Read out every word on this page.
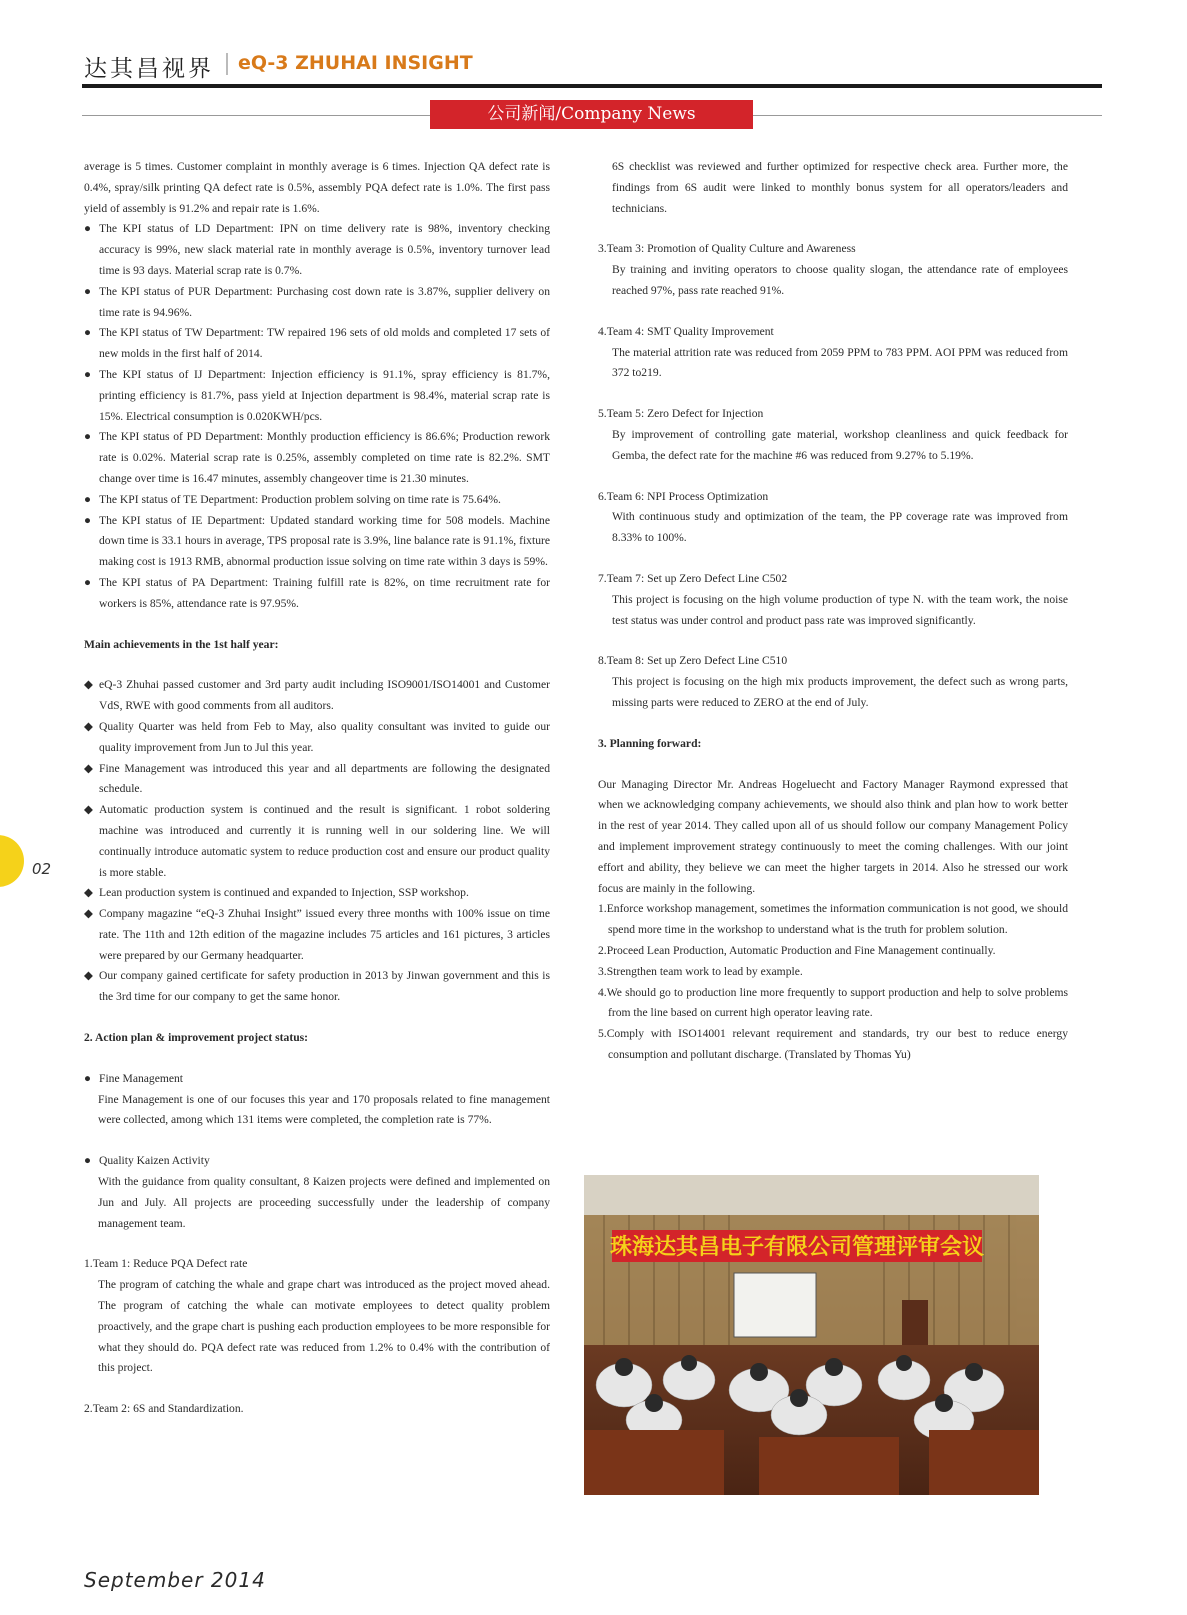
达其昌视界 eQ-3 ZHUHAI INSIGHT
公司新闻/Company News

average is 5 times. Customer complaint in monthly average is 6 times. Injection QA defect rate is 0.4%, spray/silk printing QA defect rate is 0.5%, assembly PQA defect rate is 1.0%. The first pass yield of assembly is 91.2% and repair rate is 1.6%.

● The KPI status of LD Department: IPN on time delivery rate is 98%, inventory checking accuracy is 99%, new slack material rate in monthly average is 0.5%, inventory turnover lead time is 93 days. Material scrap rate is 0.7%.

● The KPI status of PUR Department: Purchasing cost down rate is 3.87%, supplier delivery on time rate is 94.96%.

● The KPI status of TW Department: TW repaired 196 sets of old molds and completed 17 sets of new molds in the first half of 2014.

● The KPI status of IJ Department: Injection efficiency is 91.1%, spray efficiency is 81.7%, printing efficiency is 81.7%, pass yield at Injection department is 98.4%, material scrap rate is 15%. Electrical consumption is 0.020KWH/pcs.

● The KPI status of PD Department: Monthly production efficiency is 86.6%; Production rework rate is 0.02%. Material scrap rate is 0.25%, assembly completed on time rate is 82.2%. SMT change over time is 16.47 minutes, assembly changeover time is 21.30 minutes.

● The KPI status of TE Department: Production problem solving on time rate is 75.64%.

● The KPI status of IE Department: Updated standard working time for 508 models. Machine down time is 33.1 hours in average, TPS proposal rate is 3.9%, line balance rate is 91.1%, fixture making cost is 1913 RMB, abnormal production issue solving on time rate within 3 days is 59%.

● The KPI status of PA Department: Training fulfill rate is 82%, on time recruitment rate for workers is 85%, attendance rate is 97.95%.

Main achievements in the 1st half year:

◆ eQ-3 Zhuhai passed customer and 3rd party audit including ISO9001/ISO14001 and Customer VdS, RWE with good comments from all auditors.

◆ Quality Quarter was held from Feb to May, also quality consultant was invited to guide our quality improvement from Jun to Jul this year.

◆ Fine Management was introduced this year and all departments are following the designated schedule.

◆ Automatic production system is continued and the result is significant. 1 robot soldering machine was introduced and currently it is running well in our soldering line. We will continually introduce automatic system to reduce production cost and ensure our product quality is more stable.

◆ Lean production system is continued and expanded to Injection, SSP workshop.

◆ Company magazine “eQ-3 Zhuhai Insight” issued every three months with 100% issue on time rate. The 11th and 12th edition of the magazine includes 75 articles and 161 pictures, 3 articles were prepared by our Germany headquarter.

◆ Our company gained certificate for safety production in 2013 by Jinwan government and this is the 3rd time for our company to get the same honor.

2. Action plan & improvement project status:

● Fine Management

Fine Management is one of our focuses this year and 170 proposals related to fine management were collected, among which 131 items were completed, the completion rate is 77%.

● Quality Kaizen Activity

With the guidance from quality consultant, 8 Kaizen projects were defined and implemented on Jun and July. All projects are proceeding successfully under the leadership of company management team.

1.Team 1: Reduce PQA Defect rate

The program of catching the whale and grape chart was introduced as the project moved ahead. The program of catching the whale can motivate employees to detect quality problem proactively, and the grape chart is pushing each production employees to be more responsible for what they should do. PQA defect rate was reduced from 1.2% to 0.4% with the contribution of this project.

2.Team 2: 6S and Standardization.

6S checklist was reviewed and further optimized for respective check area. Further more, the findings from 6S audit were linked to monthly bonus system for all operators/leaders and technicians.

3.Team 3: Promotion of Quality Culture and Awareness

By training and inviting operators to choose quality slogan, the attendance rate of employees reached 97%, pass rate reached 91%.

4.Team 4: SMT Quality Improvement

The material attrition rate was reduced from 2059 PPM to 783 PPM. AOI PPM was reduced from 372 to219.

5.Team 5: Zero Defect for Injection

By improvement of controlling gate material, workshop cleanliness and quick feedback for Gemba, the defect rate for the machine #6 was reduced from 9.27% to 5.19%.

6.Team 6: NPI Process Optimization

With continuous study and optimization of the team, the PP coverage rate was improved from 8.33% to 100%.

7.Team 7: Set up Zero Defect Line C502

This project is focusing on the high volume production of type N. with the team work, the noise test status was under control and product pass rate was improved significantly.

8.Team 8: Set up Zero Defect Line C510

This project is focusing on the high mix products improvement, the defect such as wrong parts, missing parts were reduced to ZERO at the end of July.

3. Planning forward:

Our Managing Director Mr. Andreas Hogeluecht and Factory Manager Raymond expressed that when we acknowledging company achievements, we should also think and plan how to work better in the rest of year 2014. They called upon all of us should follow our company Management Policy and implement improvement strategy continuously to meet the coming challenges. With our joint effort and ability, they believe we can meet the higher targets in 2014. Also he stressed our work focus are mainly in the following.

1.Enforce workshop management, sometimes the information communication is not good, we should spend more time in the workshop to understand what is the truth for problem solution.

2.Proceed Lean Production, Automatic Production and Fine Management continually.

3.Strengthen team work to lead by example.

4.We should go to production line more frequently to support production and help to solve problems from the line based on current high operator leaving rate.

5.Comply with ISO14001 relevant requirement and standards, try our best to reduce energy consumption and pollutant discharge. (Translated by Thomas Yu)

珠海达其昌电子有限公司管理评审会议
02
September 2014
